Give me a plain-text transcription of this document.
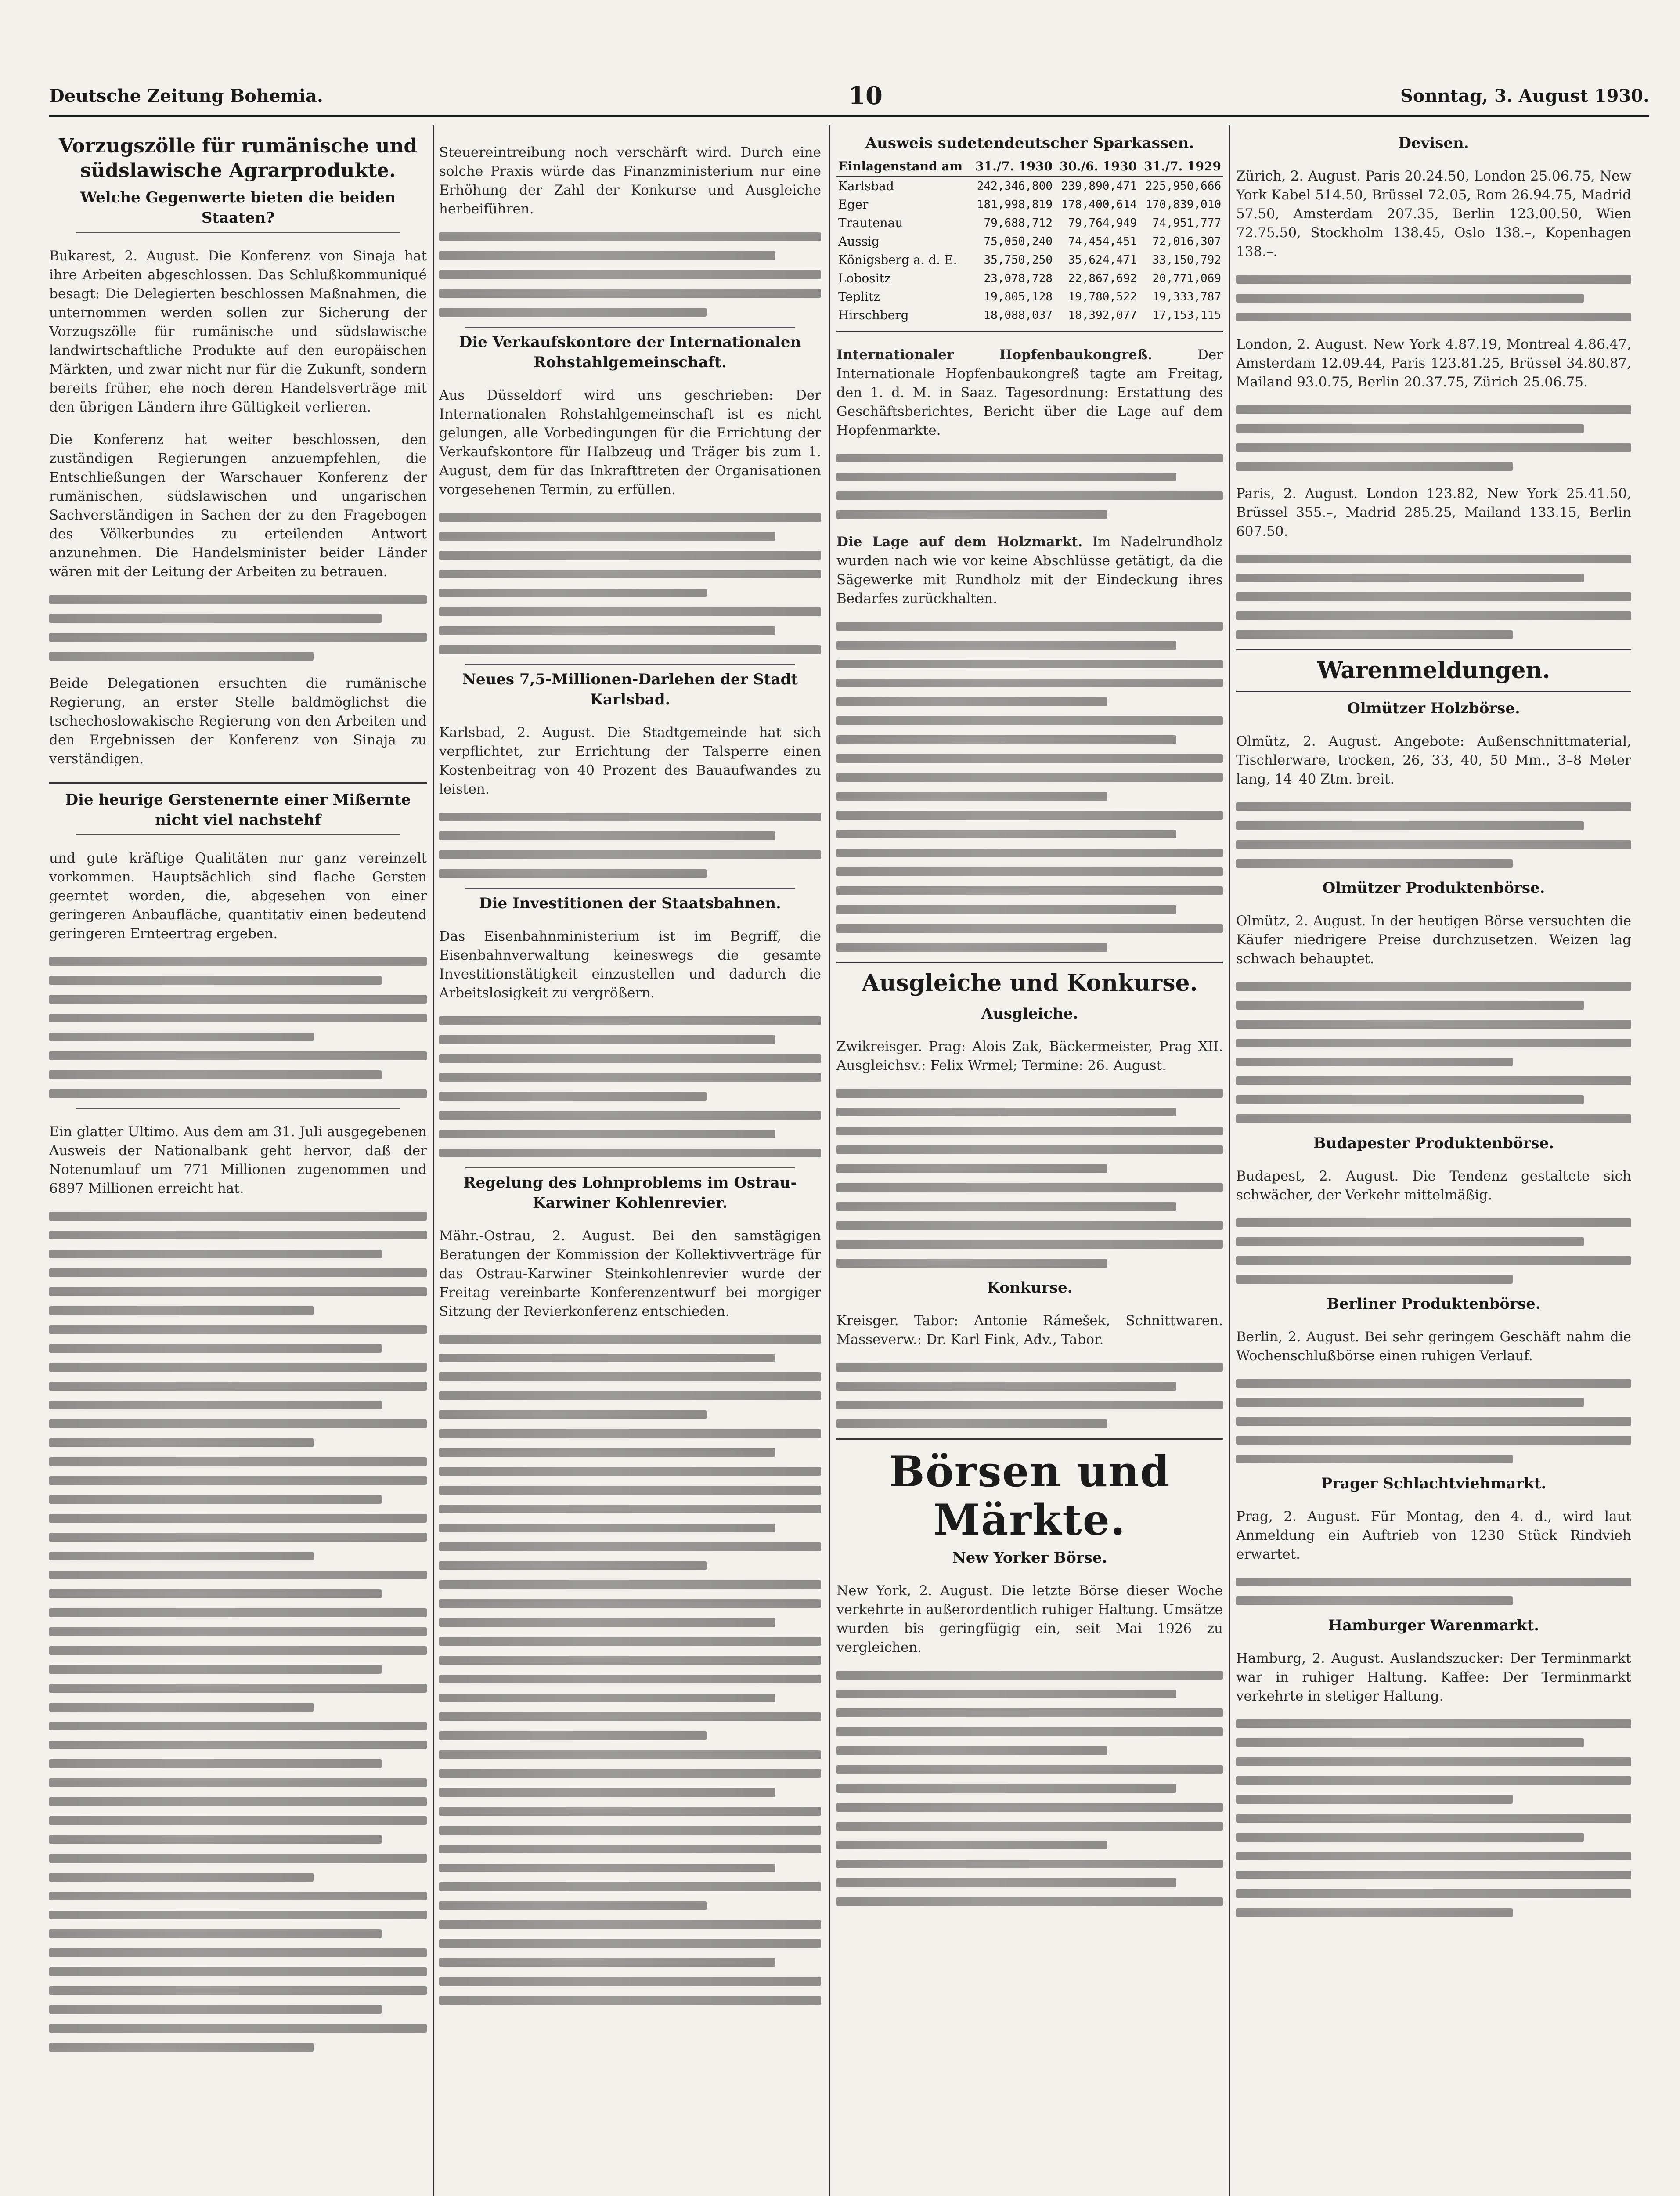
Deutsche Zeitung Bohemia.	10	Sonntag, 3. August 1930.
Vorzugszölle für rumänische und südslawische Agrarprodukte.
Welche Gegenwerte bieten die beiden Staaten?

Bukarest, 2. August. Die Konferenz von Sinaja hat ihre Arbeiten abgeschlossen. Das Schlußkommuniqué besagt: Die Delegierten beschlossen Maßnahmen, die unternommen werden sollen zur Sicherung der Vorzugszölle für rumänische und südslawische landwirtschaftliche Produkte auf den europäischen Märkten, und zwar nicht nur für die Zukunft, sondern bereits früher, ehe noch deren Handelsverträge mit den übrigen Ländern ihre Gültigkeit verlieren.

Die Konferenz hat weiter beschlossen, den zuständigen Regierungen anzuempfehlen, die Entschließungen der Warschauer Konferenz der rumänischen, südslawischen und ungarischen Sachverständigen in Sachen der zu den Fragebogen des Völkerbundes zu erteilenden Antwort anzunehmen. Die Handelsminister beider Länder wären mit der Leitung der Arbeiten zu betrauen.

Beide Delegationen ersuchten die rumänische Regierung, an erster Stelle baldmöglichst die tschechoslowakische Regierung von den Arbeiten und den Ergebnissen der Konferenz von Sinaja zu verständigen.

Die heurige Gerstenernte einer Mißernte nicht viel nachstehf

und gute kräftige Qualitäten nur ganz vereinzelt vorkommen. Hauptsächlich sind flache Gersten geerntet worden, die, abgesehen von einer geringeren Anbaufläche, quantitativ einen bedeutend geringeren Ernteertrag ergeben.

Ein glatter Ultimo. Aus dem am 31. Juli ausgegebenen Ausweis der Nationalbank geht hervor, daß der Notenumlauf um 771 Millionen zugenommen und 6897 Millionen erreicht hat.

Steuereintreibung noch verschärft wird. Durch eine solche Praxis würde das Finanzministerium nur eine Erhöhung der Zahl der Konkurse und Ausgleiche herbeiführen.

Die Verkaufskontore der Internationalen Rohstahlgemeinschaft.

Aus Düsseldorf wird uns geschrieben: Der Internationalen Rohstahlgemeinschaft ist es nicht gelungen, alle Vorbedingungen für die Errichtung der Verkaufskontore für Halbzeug und Träger bis zum 1. August, dem für das Inkrafttreten der Organisationen vorgesehenen Termin, zu erfüllen.

Neues 7,5-Millionen-Darlehen der Stadt Karlsbad.

Karlsbad, 2. August. Die Stadtgemeinde hat sich verpflichtet, zur Errichtung der Talsperre einen Kostenbeitrag von 40 Prozent des Bauaufwandes zu leisten.

Die Investitionen der Staatsbahnen.

Das Eisenbahnministerium ist im Begriff, die Eisenbahnverwaltung keineswegs die gesamte Investitionstätigkeit einzustellen und dadurch die Arbeitslosigkeit zu vergrößern.

Regelung des Lohnproblems im Ostrau-Karwiner Kohlenrevier.

Mähr.-Ostrau, 2. August. Bei den samstägigen Beratungen der Kommission der Kollektivverträge für das Ostrau-Karwiner Steinkohlenrevier wurde der Freitag vereinbarte Konferenzentwurf bei morgiger Sitzung der Revierkonferenz entschieden.

Ausweis sudetendeutscher Sparkassen.
Einlagenstand am	31./7. 1930	30./6. 1930	31./7. 1929
Karlsbad	242,346,800	239,890,471	225,950,666
Eger	181,998,819	178,400,614	170,839,010
Trautenau	79,688,712	79,764,949	74,951,777
Aussig	75,050,240	74,454,451	72,016,307
Königsberg a. d. E.	35,750,250	35,624,471	33,150,792
Lobositz	23,078,728	22,867,692	20,771,069
Teplitz	19,805,128	19,780,522	19,333,787
Hirschberg	18,088,037	18,392,077	17,153,115

Internationaler Hopfenbaukongreß.	Der Internationale Hopfenbaukongreß tagte am Freitag, den 1. d. M. in Saaz. Tagesordnung: Erstattung des Geschäftsberichtes, Bericht über die Lage auf dem Hopfenmarkte.

Die Lage auf dem Holzmarkt. Im Nadelrundholz wurden nach wie vor keine Abschlüsse getätigt, da die Sägewerke mit Rundholz mit der Eindeckung ihres Bedarfes zurückhalten.

Ausgleiche und Konkurse.
Ausgleiche.

Zwikreisger. Prag: Alois Zak, Bäckermeister, Prag XII. Ausgleichsv.: Felix Wrmel; Termine: 26. August.

Konkurse.

Kreisger. Tabor: Antonie Rámešek, Schnittwaren. Masseverw.: Dr. Karl Fink, Adv., Tabor.

Börsen und Märkte.
New Yorker Börse.

New York, 2. August. Die letzte Börse dieser Woche verkehrte in außerordentlich ruhiger Haltung. Umsätze wurden bis geringfügig ein, seit Mai 1926 zu vergleichen.

Devisen.

Zürich, 2. August. Paris 20.24.50, London 25.06.75, New York Kabel 514.50, Brüssel 72.05, Rom 26.94.75, Madrid 57.50, Amsterdam 207.35, Berlin 123.00.50, Wien 72.75.50, Stockholm 138.45, Oslo 138.–, Kopenhagen 138.–.

London, 2. August. New York 4.87.19, Montreal 4.86.47, Amsterdam 12.09.44, Paris 123.81.25, Brüssel 34.80.87, Mailand 93.0.75, Berlin 20.37.75, Zürich 25.06.75.

Paris, 2. August. London 123.82, New York 25.41.50, Brüssel 355.–, Madrid 285.25, Mailand 133.15, Berlin 607.50.

Warenmeldungen.
Olmützer Holzbörse.

Olmütz, 2. August. Angebote: Außenschnittmaterial, Tischlerware, trocken, 26, 33, 40, 50 Mm., 3–8 Meter lang, 14–40 Ztm. breit.

Olmützer Produktenbörse.

Olmütz, 2. August. In der heutigen Börse versuchten die Käufer niedrigere Preise durchzusetzen. Weizen lag schwach behauptet.

Budapester Produktenbörse.

Budapest, 2. August. Die Tendenz gestaltete sich schwächer, der Verkehr mittelmäßig.

Berliner Produktenbörse.

Berlin, 2. August. Bei sehr geringem Geschäft nahm die Wochenschlußbörse einen ruhigen Verlauf.

Prager Schlachtviehmarkt.

Prag, 2. August. Für Montag, den 4. d., wird laut Anmeldung ein Auftrieb von 1230 Stück Rindvieh erwartet.

Hamburger Warenmarkt.

Hamburg, 2. August. Auslandszucker: Der Terminmarkt war in ruhiger Haltung. Kaffee: Der Terminmarkt verkehrte in stetiger Haltung.
